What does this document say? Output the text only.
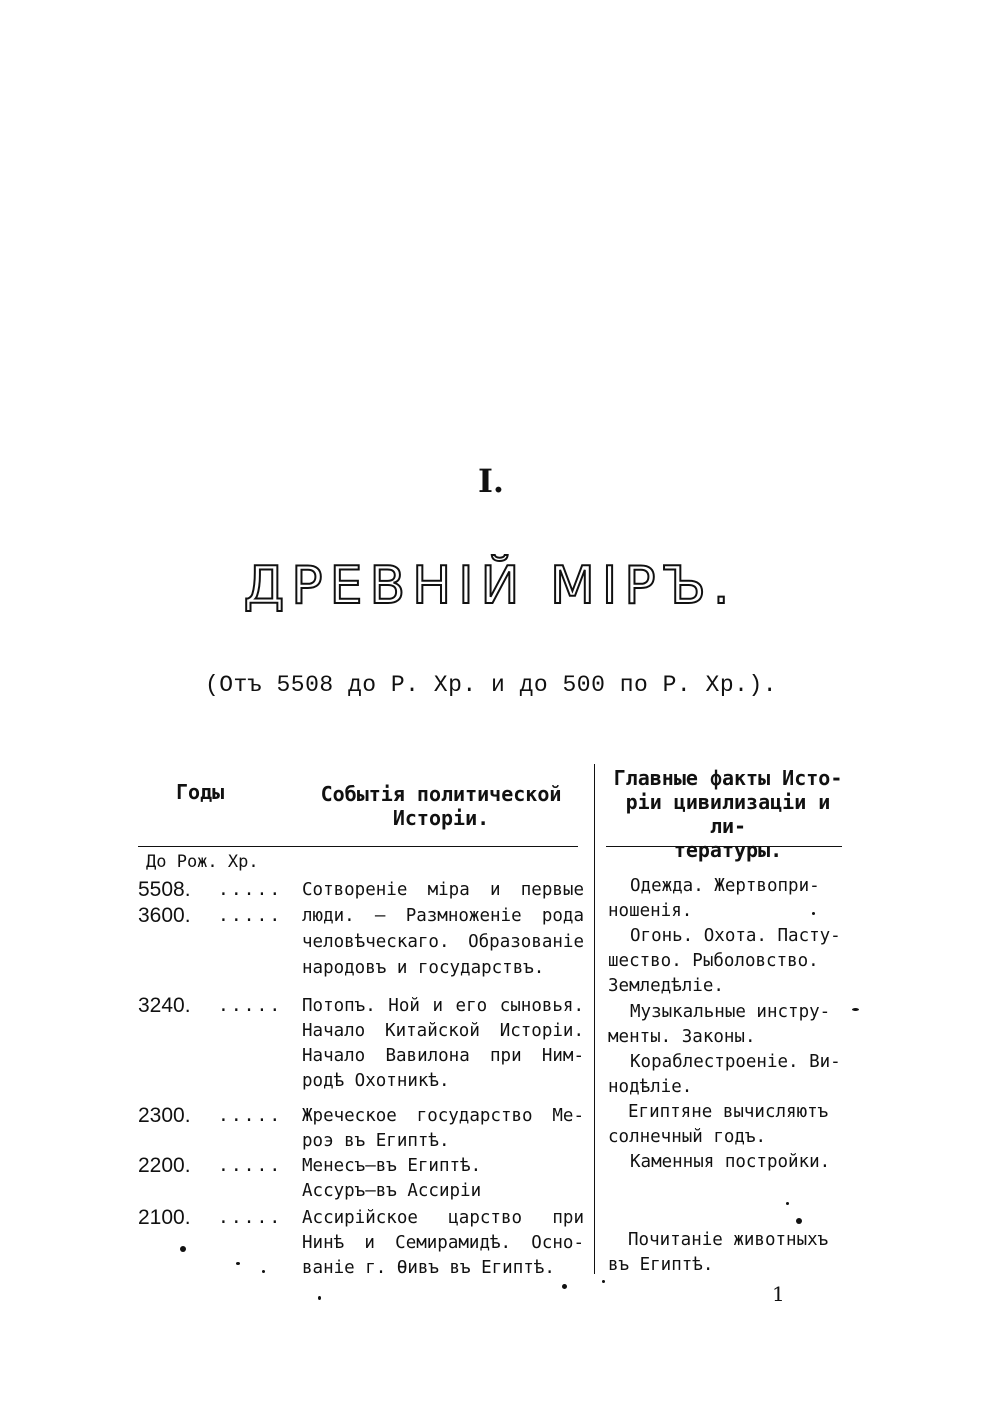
I.
ДРЕВНІЙ МІРЪ.
(Отъ 5508 до Р. Хр. и до 500 по Р. Хр.).
Годы	Событія политической
Исторіи.
Главные факты Исто-
ріи цивилизаціи и ли-
тературы.
До Рож. Хр.
5508.
3600.
3240.
2300.
2200.
2100.
.....
.....
.....
.....
.....
.....
Сотвореніе міра и первые
люди. — Размноженіе рода
человѣческаго. Образованіе
народовъ и государствъ.
Потопъ. Ной и его сыновья.
Начало Китайской Исторіи.
Начало Вавилона при Ним-
родѣ Охотникѣ.
Жреческое государство Ме-
роэ въ Египтѣ.
Менесъ—въ Египтѣ.
Ассуръ—въ Ассиріи
Ассирійское царство при
Нинѣ и Семирамидѣ. Осно-
ваніе г. Ѳивъ въ Египтѣ.
Одежда. Жертвопри-
ношенія.
Огонь. Охота. Пасту-
шество. Рыболовство.
Земледѣліе.
Музыкальные инстру-
менты. Законы.
Кораблестроеніе. Ви-
нодѣліе.
Египтяне вычисляютъ
солнечный годъ.
Каменныя постройки.
Почитаніе животныхъ
въ Египтѣ.
1
